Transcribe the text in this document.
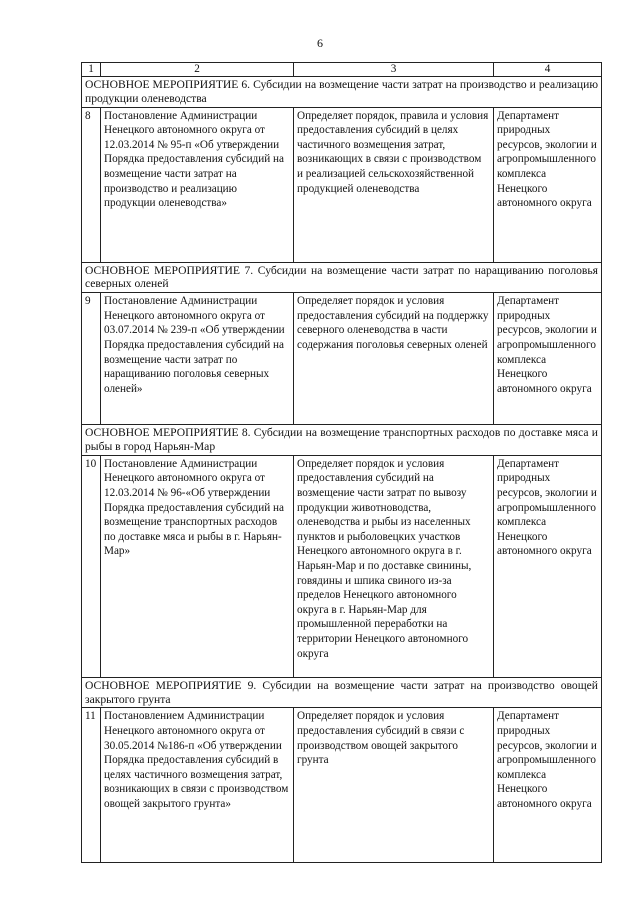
6
1	2	3	4
ОСНОВНОЕ МЕРОПРИЯТИЕ 6. Субсидии на возмещение части затрат на производство и реализацию продукции оленеводства			
8	Постановление Администрации Ненецкого автономного округа от 12.03.2014 № 95-п «Об утверждении Порядка предоставления субсидий на возмещение части затрат на производство и реализацию продукции оленеводства»	Определяет порядок, правила и условия предоставления субсидий в целях частичного возмещения затрат, возникающих в связи с производством и реализацией сельскохозяйственной продукцией оленеводства	Департамент природных ресурсов, экологии и агропромышленного комплекса Ненецкого автономного округа
ОСНОВНОЕ МЕРОПРИЯТИЕ 7. Субсидии на возмещение части затрат по наращиванию поголовья северных оленей			
9	Постановление Администрации Ненецкого автономного округа от 03.07.2014 № 239-п «Об утверждении Порядка предоставления субсидий на возмещение части затрат по наращиванию поголовья северных оленей»	Определяет порядок и условия предоставления субсидий на поддержку северного оленеводства в части содержания поголовья северных оленей	Департамент природных ресурсов, экологии и агропромышленного комплекса Ненецкого автономного округа
ОСНОВНОЕ МЕРОПРИЯТИЕ 8. Субсидии на возмещение транспортных расходов по доставке мяса и рыбы в город Нарьян-Мар			
10	Постановление Администрации Ненецкого автономного округа от 12.03.2014 № 96-«Об утверждении Порядка предоставления субсидий на возмещение транспортных расходов по доставке мяса и рыбы в г. Нарьян-Мар»	Определяет порядок и условия предоставления субсидий на возмещение части затрат по вывозу продукции животноводства, оленеводства и рыбы из населенных пунктов и рыболовецких участков Ненецкого автономного округа в г. Нарьян-Мар и по доставке свинины, говядины и шпика свиного из-за пределов Ненецкого автономного округа в г. Нарьян-Мар для промышленной переработки на территории Ненецкого автономного округа	Департамент природных ресурсов, экологии и агропромышленного комплекса Ненецкого автономного округа
ОСНОВНОЕ МЕРОПРИЯТИЕ 9. Субсидии на возмещение части затрат на производство овощей закрытого грунта			
11	Постановлением Администрации Ненецкого автономного округа от 30.05.2014 №186-п «Об утверждении Порядка предоставления субсидий в целях частичного возмещения затрат, возникающих в связи с производством овощей закрытого грунта»	Определяет порядок и условия предоставления субсидий в связи с производством овощей закрытого грунта	Департамент природных ресурсов, экологии и агропромышленного комплекса Ненецкого автономного округа
